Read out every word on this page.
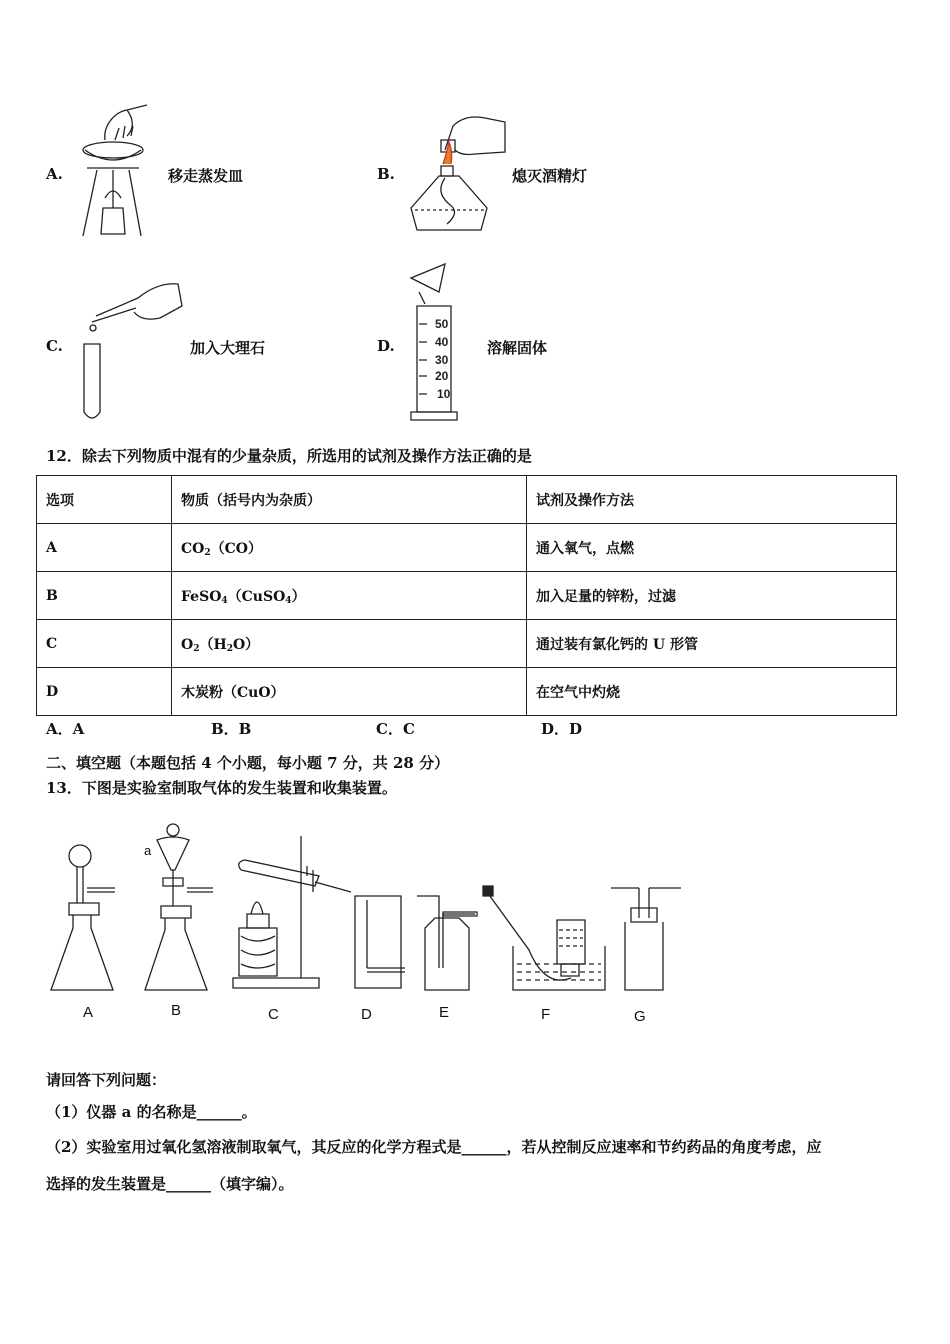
A.	移走蒸发皿	B.	熄灭酒精灯
C.	加入大理石	D.	溶解固体
50
40
30
20
10
12．除去下列物质中混有的少量杂质，所选用的试剂及操作方法正确的是
选项	物质（括号内为杂质）	试剂及操作方法
A	$CO_2(CO)$	通入氧气，点燃
B	FeSO$_4$（CuSO$_4$）	加入足量的锌粉，过滤
C	$O_2(H_2O)$	通过装有氯化钙的 U 形管
D	木炭粉（CuO）	在空气中灼烧
A．A	B．B	C．C	D．D
二、填空题（本题包括 4 个小题，每小题 7 分，共 28 分）
13．下图是实验室制取气体的发生装置和收集装置。
A	B	C	D	E	F	G
a
请回答下列问题：
（1）仪器 a 的名称是______。
（2）实验室用过氧化氢溶液制取氧气，其反应的化学方程式是______，若从控制反应速率和节约药品的角度考虑，应
选择的发生装置是______（填字编）。
